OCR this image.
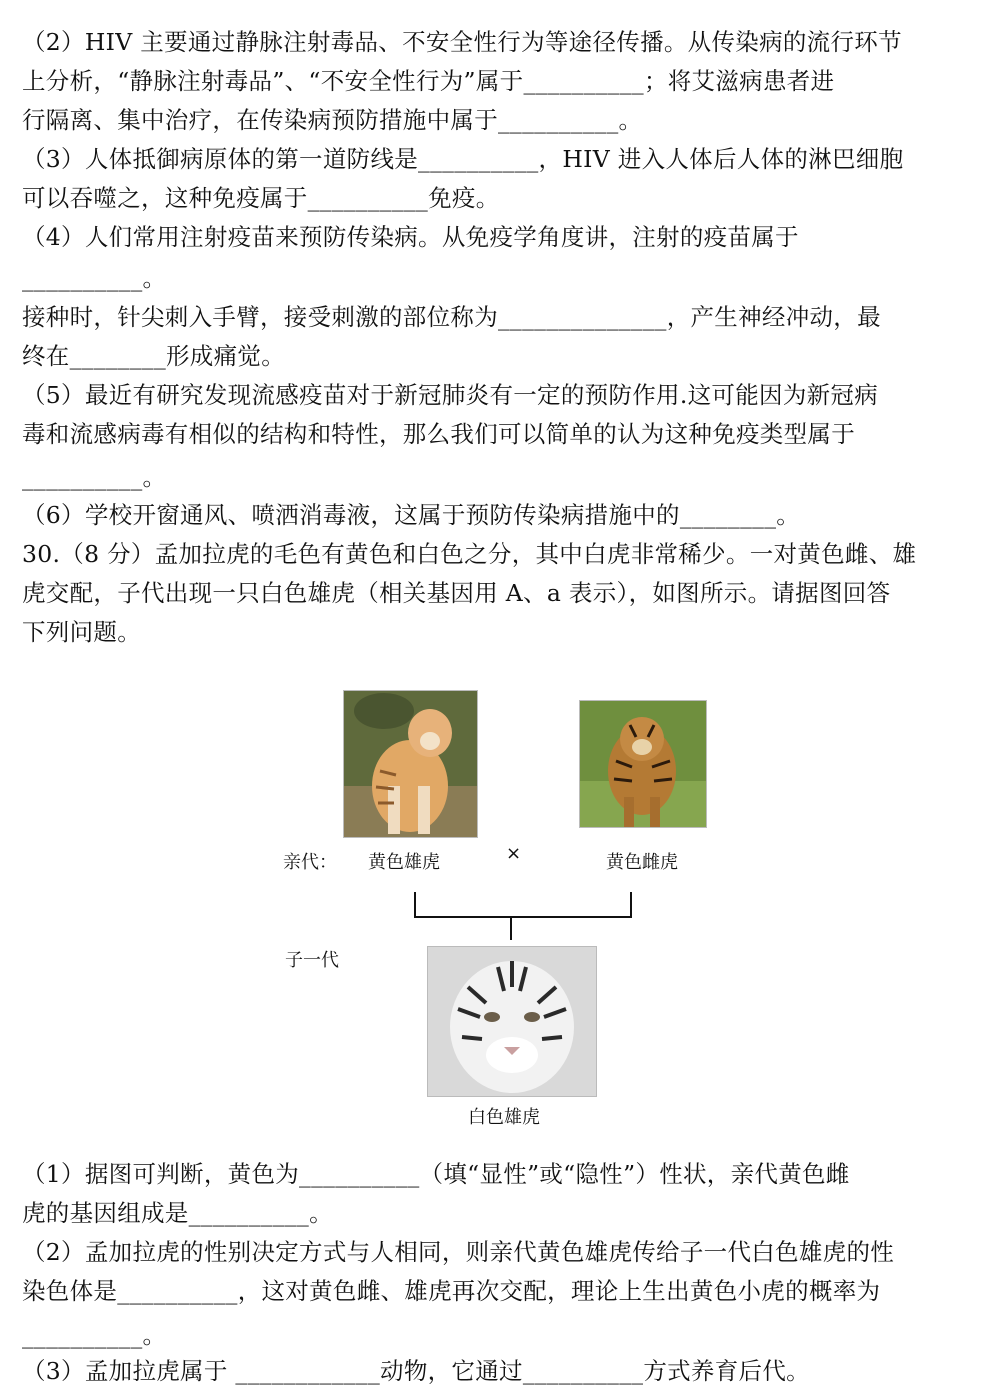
（2）HIV 主要通过静脉注射毒品、不安全性行为等途径传播。从传染病的流行环节
上分析，“静脉注射毒品”、“不安全性行为”属于__________；将艾滋病患者进
行隔离、集中治疗，在传染病预防措施中属于__________。
（3）人体抵御病原体的第一道防线是__________，HIV 进入人体后人体的淋巴细胞
可以吞噬之，这种免疫属于__________免疫。
（4）人们常用注射疫苗来预防传染病。从免疫学角度讲，注射的疫苗属于
__________。
接种时，针尖刺入手臂，接受刺激的部位称为______________，产生神经冲动，最
终在________形成痛觉。
（5）最近有研究发现流感疫苗对于新冠肺炎有一定的预防作用.这可能因为新冠病
毒和流感病毒有相似的结构和特性，那么我们可以简单的认为这种免疫类型属于
__________。
（6）学校开窗通风、喷洒消毒液，这属于预防传染病措施中的________。
30.（8 分）孟加拉虎的毛色有黄色和白色之分，其中白虎非常稀少。一对黄色雌、雄
虎交配，子代出现一只白色雄虎（相关基因用 A、a 表示），如图所示。请据图回答
下列问题。
亲代： 黄色雄虎	×	黄色雌虎
子一代
白色雄虎
（1）据图可判断，黄色为__________（填“显性”或“隐性”）性状，亲代黄色雌
虎的基因组成是__________。
（2）孟加拉虎的性别决定方式与人相同，则亲代黄色雄虎传给子一代白色雄虎的性
染色体是__________，这对黄色雌、雄虎再次交配，理论上生出黄色小虎的概率为
__________。
（3）孟加拉虎属于 ____________动物，它通过__________方式养育后代。
